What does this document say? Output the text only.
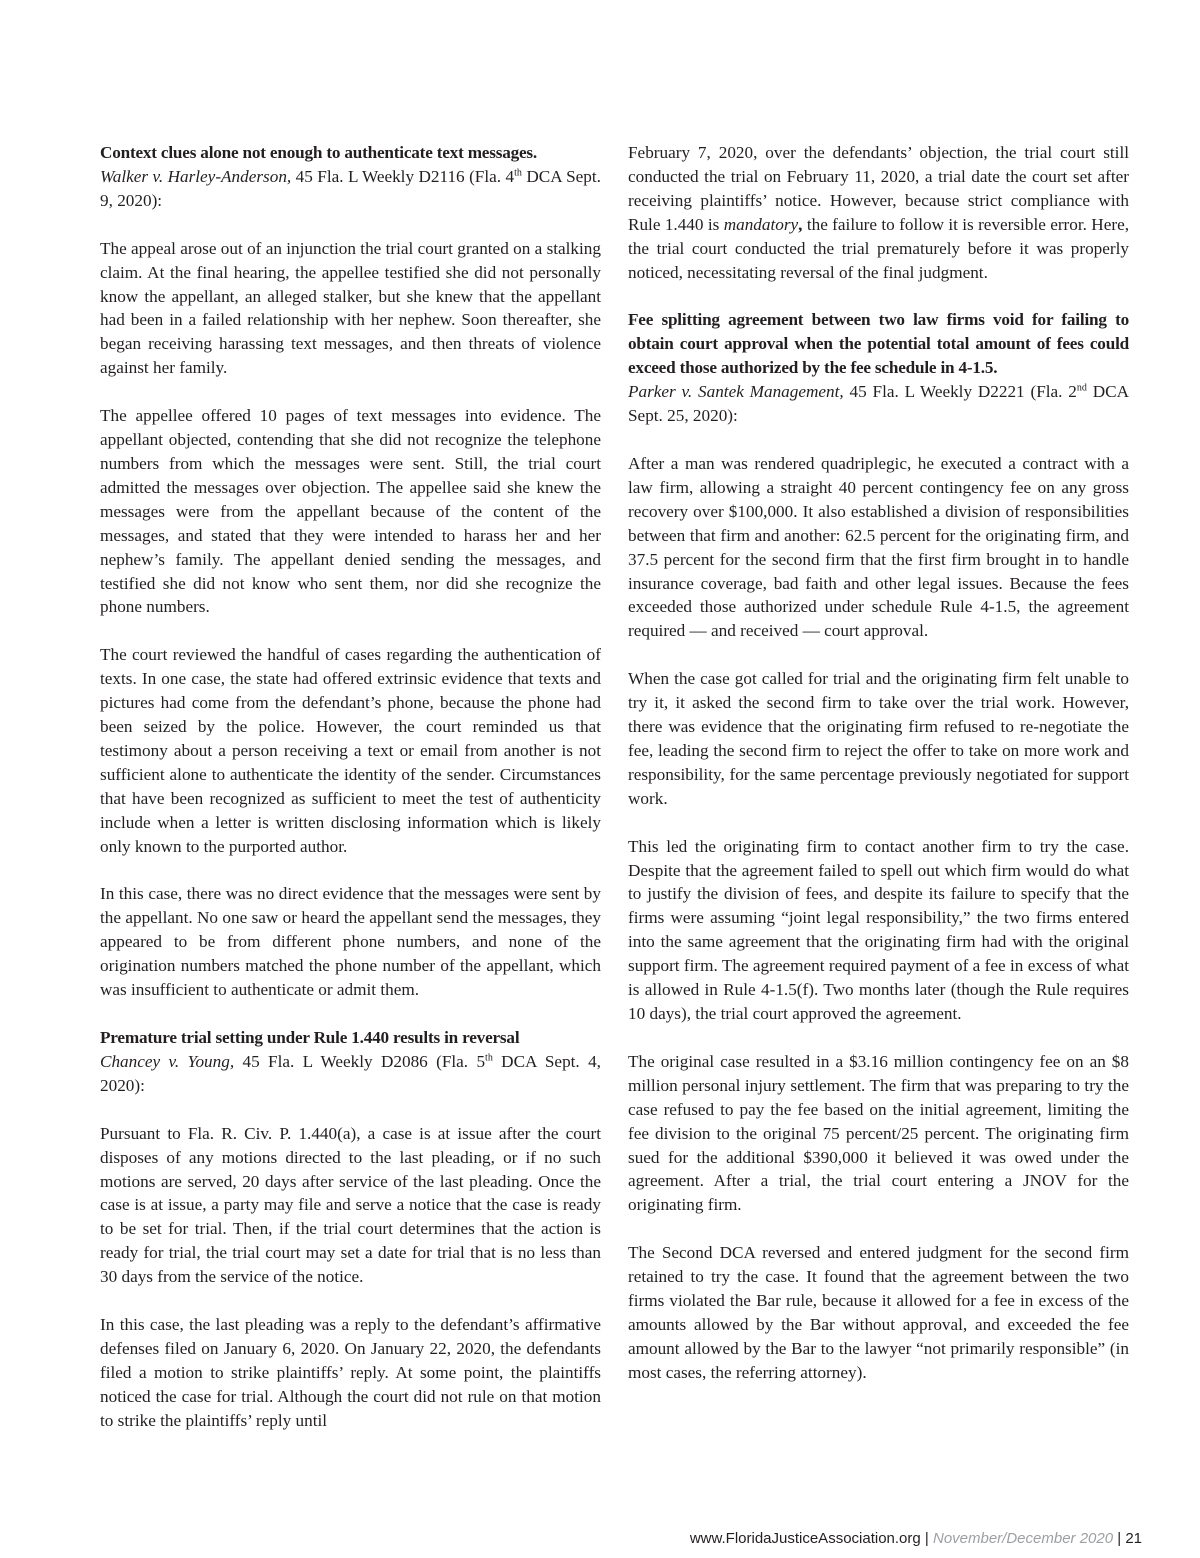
Context clues alone not enough to authenticate text messages.
Walker v. Harley-Anderson, 45 Fla. L Weekly D2116 (Fla. 4th DCA Sept. 9, 2020):

The appeal arose out of an injunction the trial court granted on a stalking claim. At the final hearing, the appellee testified she did not personally know the appellant, an alleged stalker, but she knew that the appellant had been in a failed relationship with her nephew. Soon thereafter, she began receiving harassing text messages, and then threats of violence against her family.

The appellee offered 10 pages of text messages into evidence. The appellant objected, contending that she did not recognize the telephone numbers from which the messages were sent. Still, the trial court admitted the messages over objection. The appellee said she knew the messages were from the appellant because of the content of the messages, and stated that they were intended to harass her and her nephew’s family. The appellant denied sending the messages, and testified she did not know who sent them, nor did she recognize the phone numbers.

The court reviewed the handful of cases regarding the authentication of texts. In one case, the state had offered extrinsic evidence that texts and pictures had come from the defendant’s phone, because the phone had been seized by the police. However, the court reminded us that testimony about a person receiving a text or email from another is not sufficient alone to authenticate the identity of the sender. Circumstances that have been recognized as sufficient to meet the test of authenticity include when a letter is written disclosing information which is likely only known to the purported author.

In this case, there was no direct evidence that the messages were sent by the appellant. No one saw or heard the appellant send the messages, they appeared to be from different phone numbers, and none of the origination numbers matched the phone number of the appellant, which was insufficient to authenticate or admit them.

Premature trial setting under Rule 1.440 results in reversal
Chancey v. Young, 45 Fla. L Weekly D2086 (Fla. 5th DCA Sept. 4, 2020):

Pursuant to Fla. R. Civ. P. 1.440(a), a case is at issue after the court disposes of any motions directed to the last pleading, or if no such motions are served, 20 days after service of the last pleading. Once the case is at issue, a party may file and serve a notice that the case is ready to be set for trial. Then, if the trial court determines that the action is ready for trial, the trial court may set a date for trial that is no less than 30 days from the service of the notice.

In this case, the last pleading was a reply to the defendant’s affirmative defenses filed on January 6, 2020. On January 22, 2020, the defendants filed a motion to strike plaintiffs’ reply. At some point, the plaintiffs noticed the case for trial. Although the court did not rule on that motion to strike the plaintiffs’ reply until

February 7, 2020, over the defendants’ objection, the trial court still conducted the trial on February 11, 2020, a trial date the court set after receiving plaintiffs’ notice. However, because strict compliance with Rule 1.440 is mandatory, the failure to follow it is reversible error. Here, the trial court conducted the trial prematurely before it was properly noticed, necessitating reversal of the final judgment.

Fee splitting agreement between two law firms void for failing to obtain court approval when the potential total amount of fees could exceed those authorized by the fee schedule in 4-1.5.
Parker v. Santek Management, 45 Fla. L Weekly D2221 (Fla. 2nd DCA Sept. 25, 2020):

After a man was rendered quadriplegic, he executed a contract with a law firm, allowing a straight 40 percent contingency fee on any gross recovery over $100,000. It also established a division of responsibilities between that firm and another: 62.5 percent for the originating firm, and 37.5 percent for the second firm that the first firm brought in to handle insurance coverage, bad faith and other legal issues. Because the fees exceeded those authorized under schedule Rule 4-1.5, the agreement required — and received — court approval.

When the case got called for trial and the originating firm felt unable to try it, it asked the second firm to take over the trial work. However, there was evidence that the originating firm refused to re-negotiate the fee, leading the second firm to reject the offer to take on more work and responsibility, for the same percentage previously negotiated for support work.

This led the originating firm to contact another firm to try the case. Despite that the agreement failed to spell out which firm would do what to justify the division of fees, and despite its failure to specify that the firms were assuming “joint legal responsibility,” the two firms entered into the same agreement that the originating firm had with the original support firm. The agreement required payment of a fee in excess of what is allowed in Rule 4-1.5(f). Two months later (though the Rule requires 10 days), the trial court approved the agreement.

The original case resulted in a $3.16 million contingency fee on an $8 million personal injury settlement. The firm that was preparing to try the case refused to pay the fee based on the initial agreement, limiting the fee division to the original 75 percent/25 percent. The originating firm sued for the additional $390,000 it believed it was owed under the agreement. After a trial, the trial court entering a JNOV for the originating firm.

The Second DCA reversed and entered judgment for the second firm retained to try the case. It found that the agreement between the two firms violated the Bar rule, because it allowed for a fee in excess of the amounts allowed by the Bar without approval, and exceeded the fee amount allowed by the Bar to the lawyer “not primarily responsible” (in most cases, the referring attorney).

www.FloridaJusticeAssociation.org | November/December 2020 | 21
